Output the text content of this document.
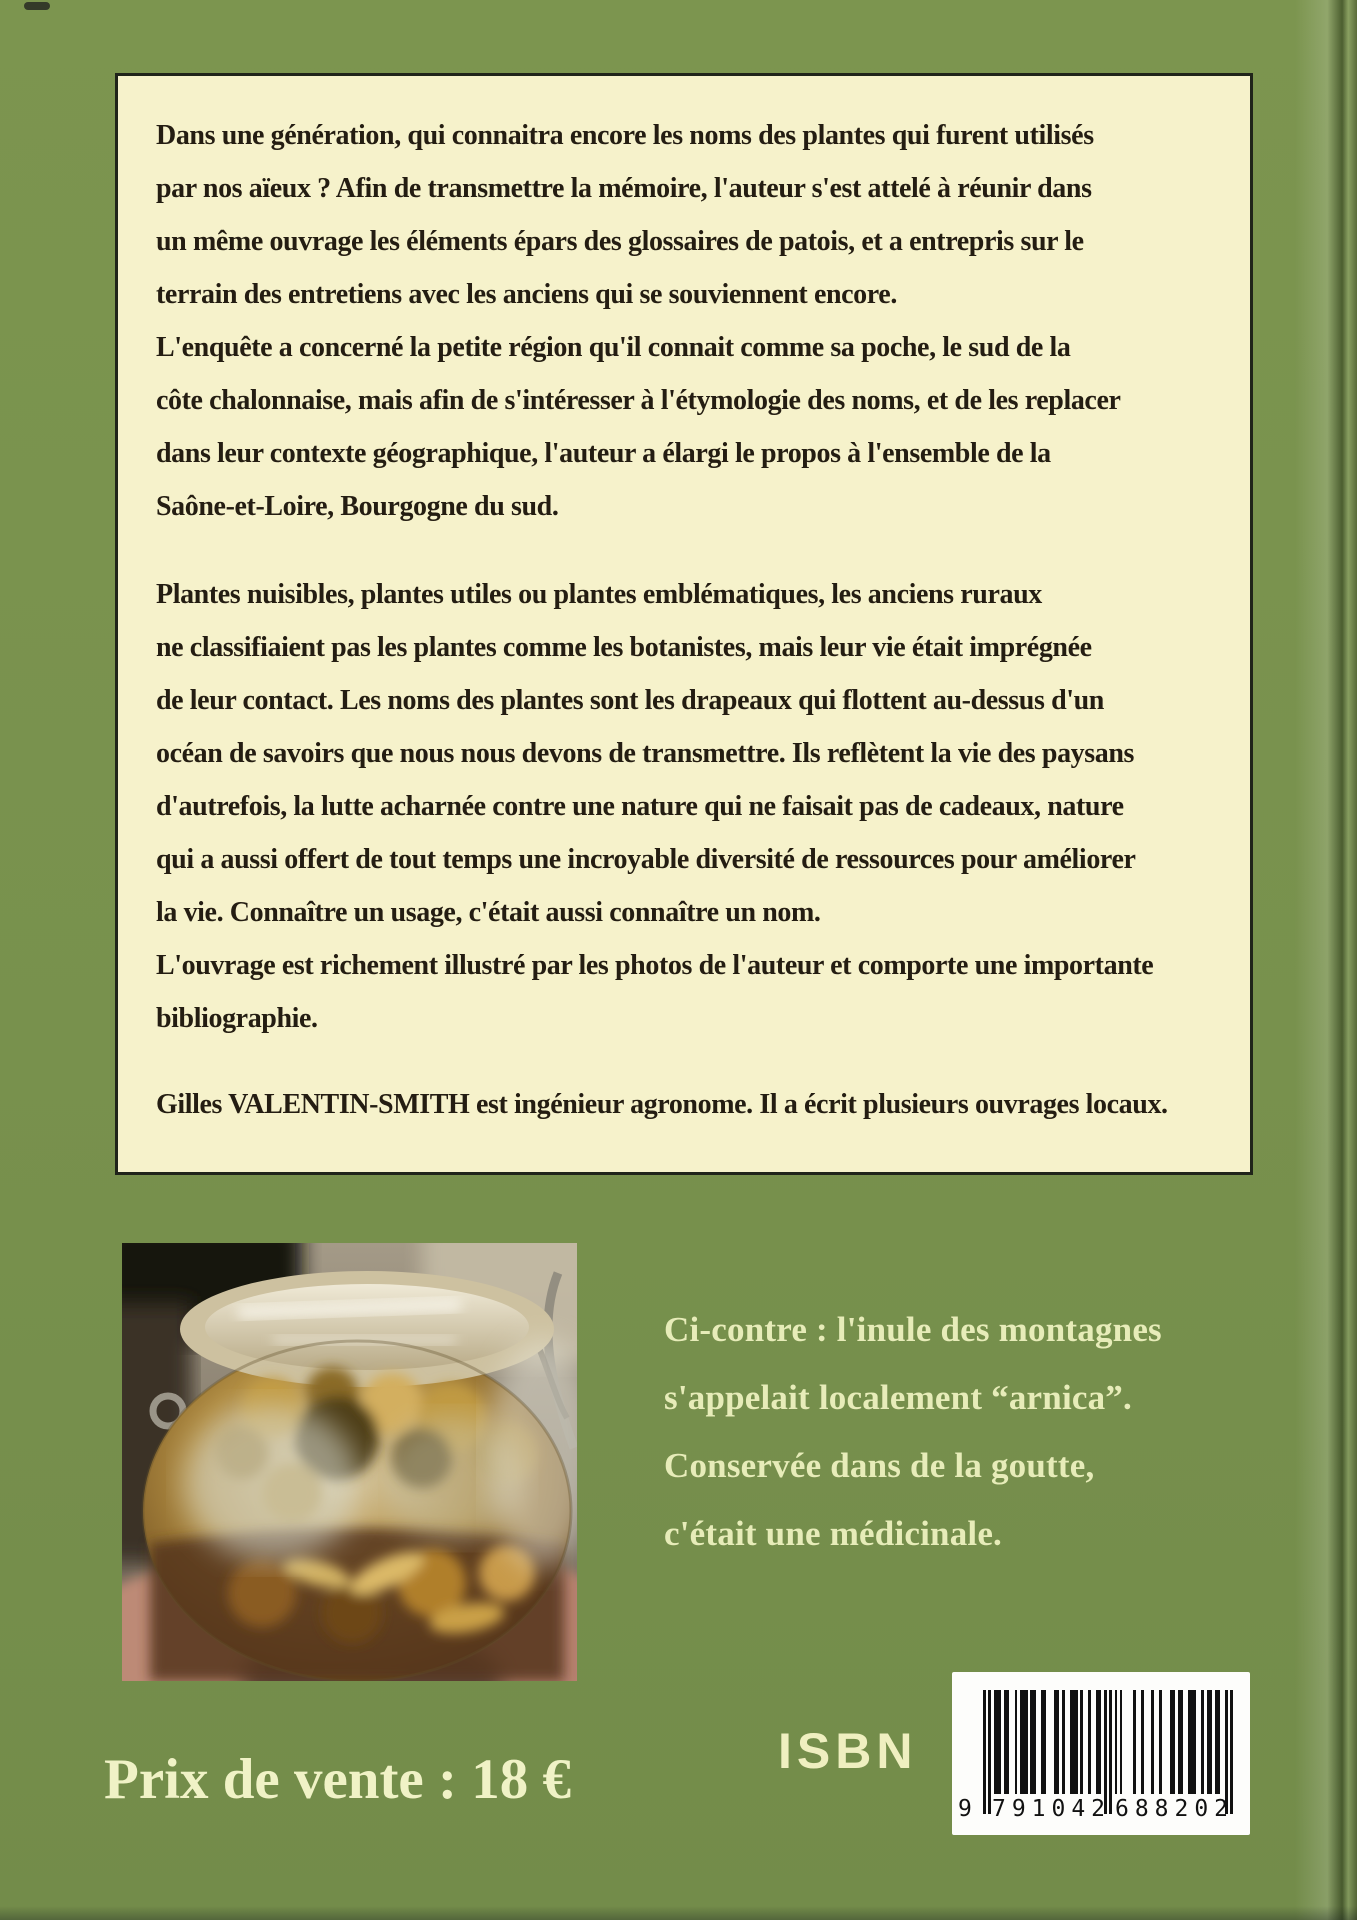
Dans une génération, qui connaitra encore les noms des plantes qui furent utilisés
par nos aïeux ? Afin de transmettre la mémoire, l'auteur s'est attelé à réunir dans
un même ouvrage les éléments épars des glossaires de patois, et a entrepris sur le
terrain des entretiens avec les anciens qui se souviennent encore.
L'enquête a concerné la petite région qu'il connait comme sa poche, le sud de la
côte chalonnaise, mais afin de s'intéresser à l'étymologie des noms, et de les replacer
dans leur contexte géographique, l'auteur a élargi le propos à l'ensemble de la
Saône-et-Loire, Bourgogne du sud.
Plantes nuisibles, plantes utiles ou plantes emblématiques, les anciens ruraux
ne classifiaient pas les plantes comme les botanistes, mais leur vie était imprégnée
de leur contact. Les noms des plantes sont les drapeaux qui flottent au-dessus d'un
océan de savoirs que nous nous devons de transmettre. Ils reflètent la vie des paysans
d'autrefois, la lutte acharnée contre une nature qui ne faisait pas de cadeaux, nature
qui a aussi offert de tout temps une incroyable diversité de ressources pour améliorer
la vie. Connaître un usage, c'était aussi connaître un nom.
L'ouvrage est richement illustré par les photos de l'auteur et comporte une importante
bibliographie.
Gilles VALENTIN-SMITH est ingénieur agronome. Il a écrit plusieurs ouvrages locaux.
Ci-contre : l'inule des montagnes
s'appelait localement “arnica”.
Conservée dans de la goutte,
c'était une médicinale.
Prix de vente : 18 €	ISBN
9 7 9 1 0 4 2 6 8 8 2 0 2
